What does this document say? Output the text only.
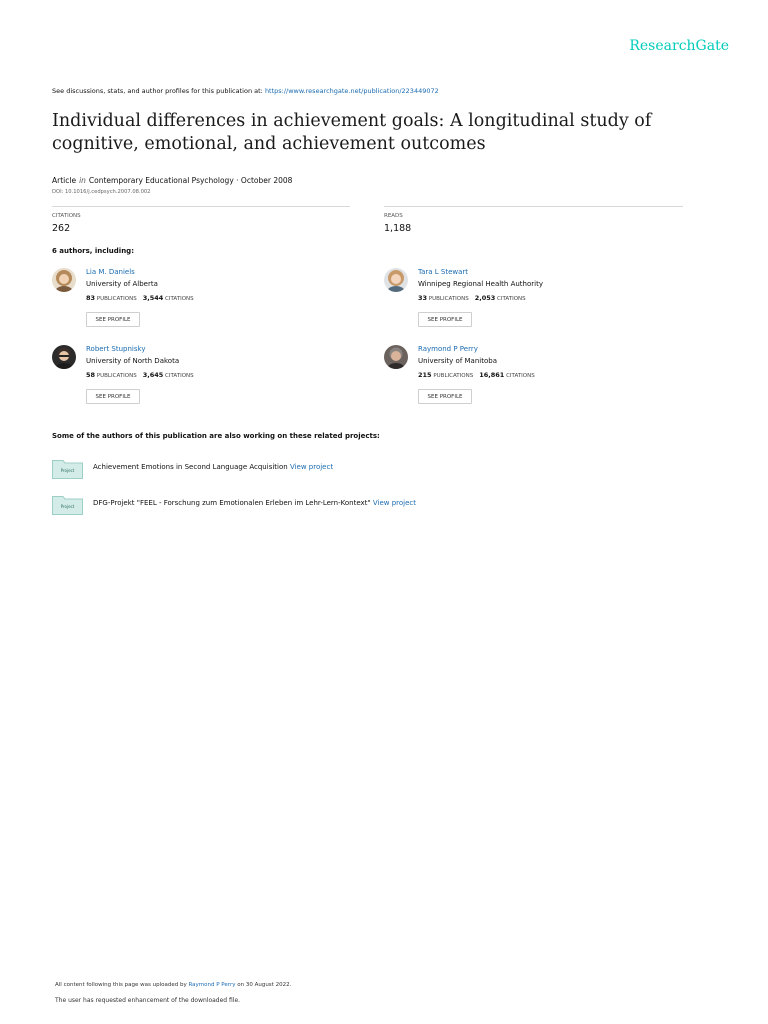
ResearchGate
See discussions, stats, and author profiles for this publication at: https://www.researchgate.net/publication/223449072
Individual differences in achievement goals: A longitudinal study of cognitive, emotional, and achievement outcomes
Article in Contemporary Educational Psychology · October 2008
DOI: 10.1016/j.cedpsych.2007.08.002
CITATIONS
262
READS
1,188
6 authors, including:
Lia M. Daniels
University of Alberta
83 PUBLICATIONS 3,544 CITATIONS
SEE PROFILE
Tara L Stewart
Winnipeg Regional Health Authority
33 PUBLICATIONS 2,053 CITATIONS
SEE PROFILE
Robert Stupnisky
University of North Dakota
58 PUBLICATIONS 3,645 CITATIONS
SEE PROFILE
Raymond P Perry
University of Manitoba
215 PUBLICATIONS 16,861 CITATIONS
SEE PROFILE
Some of the authors of this publication are also working on these related projects:
Project	Achievement Emotions in Second Language Acquisition View project
Project	DFG-Projekt "FEEL - Forschung zum Emotionalen Erleben im Lehr-Lern-Kontext" View project
All content following this page was uploaded by Raymond P Perry on 30 August 2022.
The user has requested enhancement of the downloaded file.
